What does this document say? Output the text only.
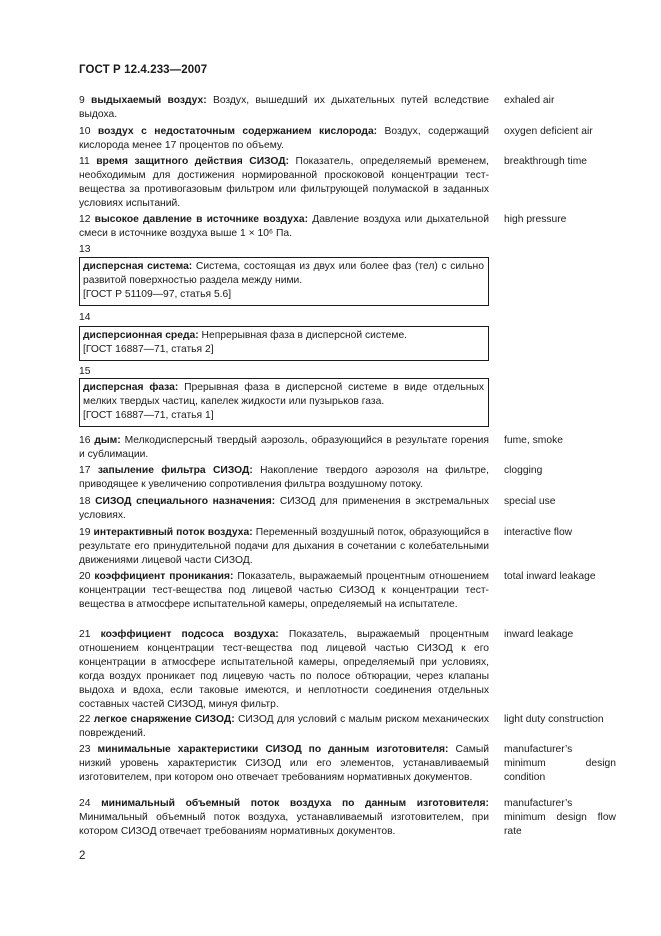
ГОСТ Р 12.4.233—2007
9 выдыхаемый воздух: Воздух, вышедший их дыхательных путей вследствие выдоха.
exhaled air
10 воздух с недостаточным содержанием кислорода: Воздух, содержащий кислорода менее 17 процентов по объему.
oxygen deficient air
11 время защитного действия СИЗОД: Показатель, определяемый временем, необходимым для достижения нормированной проскоковой концентрации тест-вещества за противогазовым фильтром или фильтрующей полумаской в заданных условиях испытаний.
breakthrough time
12 высокое давление в источнике воздуха: Давление воздуха или дыхательной смеси в источнике воздуха выше 1 × 10⁶ Па.
high pressure
13
дисперсная система: Система, состоящая из двух или более фаз (тел) с сильно развитой поверхностью раздела между ними.
[ГОСТ Р 51109—97, статья 5.6]
14
дисперсионная среда: Непрерывная фаза в дисперсной системе.
[ГОСТ 16887—71, статья 2]
15
дисперсная фаза: Прерывная фаза в дисперсной системе в виде отдельных мелких твердых частиц, капелек жидкости или пузырьков газа.
[ГОСТ 16887—71, статья 1]
16 дым: Мелкодисперсный твердый аэрозоль, образующийся в результате горения и сублимации.
fume, smoke
17 запыление фильтра СИЗОД: Накопление твердого аэрозоля на фильтре, приводящее к увеличению сопротивления фильтра воздушному потоку.
clogging
18 СИЗОД специального назначения: СИЗОД для применения в экстремальных условиях.
special use
19 интерактивный поток воздуха: Переменный воздушный поток, образующийся в результате его принудительной подачи для дыхания в сочетании с колебательными движениями лицевой части СИЗОД.
interactive flow
20 коэффициент проникания: Показатель, выражаемый процентным отношением концентрации тест-вещества под лицевой частью СИЗОД к концентрации тест-вещества в атмосфере испытательной камеры, определяемый на испытателе.
total inward leakage
21 коэффициент подсоса воздуха: Показатель, выражаемый процентным отношением концентрации тест-вещества под лицевой частью СИЗОД к его концентрации в атмосфере испытательной камеры, определяемый при условиях, когда воздух проникает под лицевую часть по полосе обтюрации, через клапаны выдоха и вдоха, если таковые имеются, и неплотности соединения отдельных составных частей СИЗОД, минуя фильтр.
inward leakage
22 легкое снаряжение СИЗОД: СИЗОД для условий с малым риском механических повреждений.
light duty construction
23 минимальные характеристики СИЗОД по данным изготовителя: Самый низкий уровень характеристик СИЗОД или его элементов, устанавливаемый изготовителем, при котором оно отвечает требованиям нормативных документов.
manufacturer’s minimum design condition
24 минимальный объемный поток воздуха по данным изготовителя: Минимальный объемный поток воздуха, устанавливаемый изготовителем, при котором СИЗОД отвечает требованиям нормативных документов.
manufacturer’s minimum design flow rate
2
